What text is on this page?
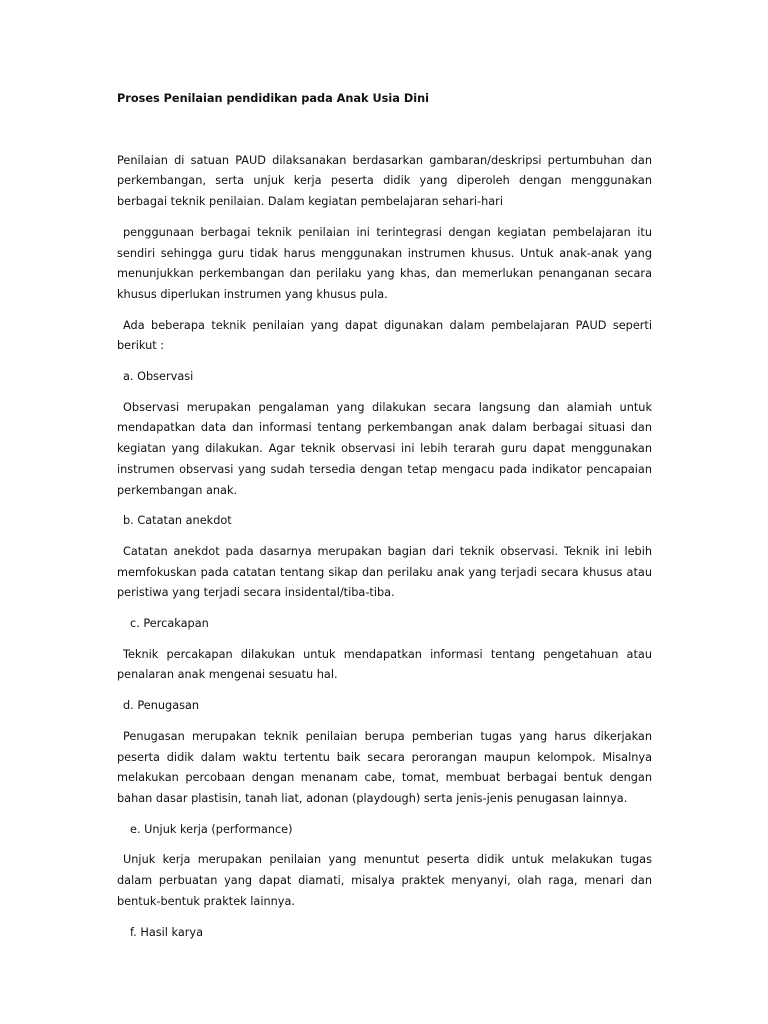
Proses Penilaian pendidikan pada Anak Usia Dini

Penilaian di satuan PAUD dilaksanakan berdasarkan gambaran/deskripsi pertumbuhan dan perkembangan, serta unjuk kerja peserta didik yang diperoleh dengan menggunakan berbagai teknik penilaian. Dalam kegiatan pembelajaran sehari-hari

penggunaan berbagai teknik penilaian ini terintegrasi dengan kegiatan pembelajaran itu sendiri sehingga guru tidak harus menggunakan instrumen khusus. Untuk anak-anak yang menunjukkan perkembangan dan perilaku yang khas, dan memerlukan penanganan secara khusus diperlukan instrumen yang khusus pula.

Ada beberapa teknik penilaian yang dapat digunakan dalam pembelajaran PAUD seperti berikut :

a. Observasi

Observasi merupakan pengalaman yang dilakukan secara langsung dan alamiah untuk mendapatkan data dan informasi tentang perkembangan anak dalam berbagai situasi dan kegiatan yang dilakukan. Agar teknik observasi ini lebih terarah guru dapat menggunakan instrumen observasi yang sudah tersedia dengan tetap mengacu pada indikator pencapaian perkembangan anak.

b. Catatan anekdot

Catatan anekdot pada dasarnya merupakan bagian dari teknik observasi. Teknik ini lebih memfokuskan pada catatan tentang sikap dan perilaku anak yang terjadi secara khusus atau peristiwa yang terjadi secara insidental/tiba-tiba.

c. Percakapan

Teknik percakapan dilakukan untuk mendapatkan informasi tentang pengetahuan atau penalaran anak mengenai sesuatu hal.

d. Penugasan

Penugasan merupakan teknik penilaian berupa pemberian tugas yang harus dikerjakan peserta didik dalam waktu tertentu baik secara perorangan maupun kelompok. Misalnya melakukan percobaan dengan menanam cabe, tomat, membuat berbagai bentuk dengan bahan dasar plastisin, tanah liat, adonan (playdough) serta jenis-jenis penugasan lainnya.

e. Unjuk kerja (performance)

Unjuk kerja merupakan penilaian yang menuntut peserta didik untuk melakukan tugas dalam perbuatan yang dapat diamati, misalya praktek menyanyi, olah raga, menari dan bentuk-bentuk praktek lainnya.

f. Hasil karya
